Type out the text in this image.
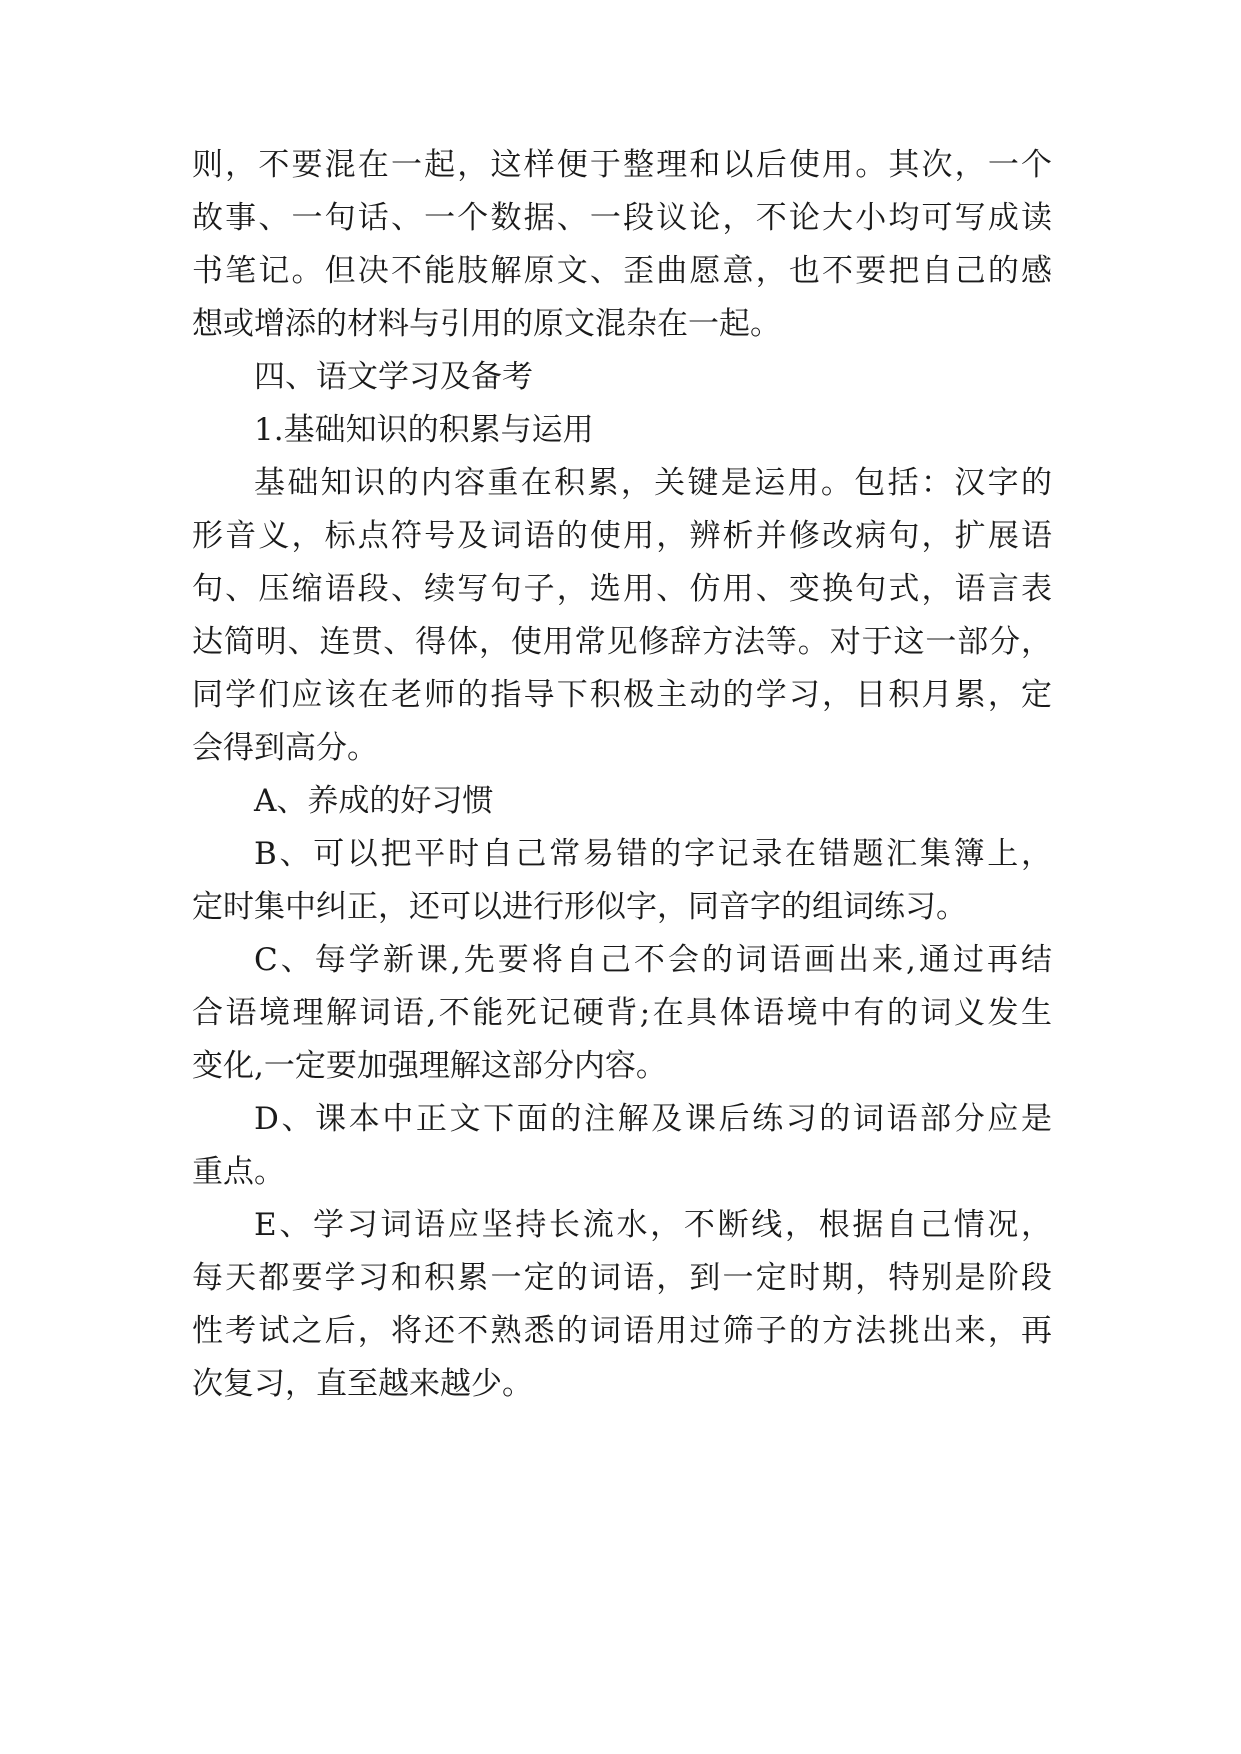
则，不要混在一起，这样便于整理和以后使用。其次，一个
故事、一句话、一个数据、一段议论，不论大小均可写成读
书笔记。但决不能肢解原文、歪曲愿意，也不要把自己的感
想或增添的材料与引用的原文混杂在一起。
四、语文学习及备考
1.基础知识的积累与运用
基础知识的内容重在积累，关键是运用。包括：汉字的
形音义，标点符号及词语的使用，辨析并修改病句，扩展语
句、压缩语段、续写句子，选用、仿用、变换句式，语言表
达简明、连贯、得体，使用常见修辞方法等。对于这一部分，
同学们应该在老师的指导下积极主动的学习，日积月累，定
会得到高分。
A、养成的好习惯
B、可以把平时自己常易错的字记录在错题汇集簿上，
定时集中纠正，还可以进行形似字，同音字的组词练习。
C、每学新课,先要将自己不会的词语画出来,通过再结
合语境理解词语,不能死记硬背;在具体语境中有的词义发生
变化,一定要加强理解这部分内容。
D、课本中正文下面的注解及课后练习的词语部分应是
重点。
E、学习词语应坚持长流水，不断线，根据自己情况，
每天都要学习和积累一定的词语，到一定时期，特别是阶段
性考试之后，将还不熟悉的词语用过筛子的方法挑出来，再
次复习，直至越来越少。
